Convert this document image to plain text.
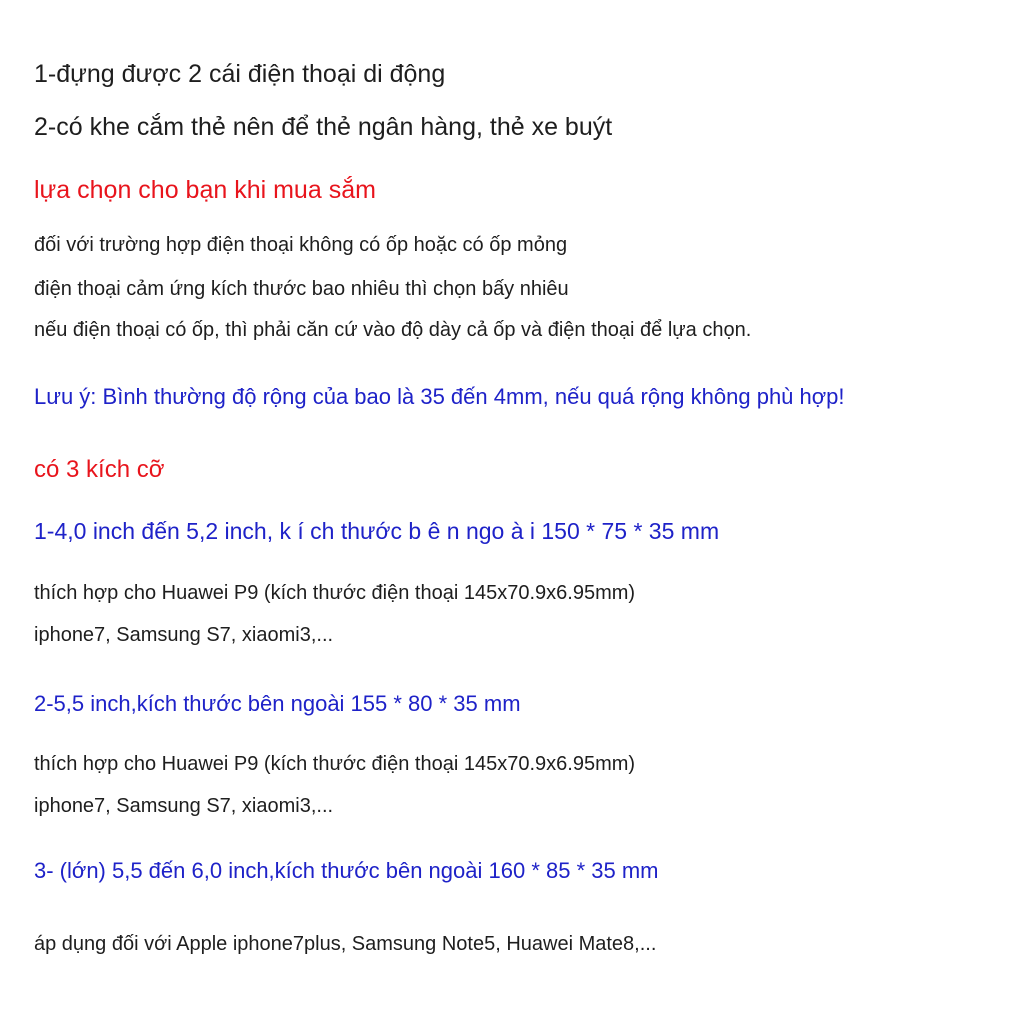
1-đựng được 2 cái điện thoại di động
2-có khe cắm thẻ nên để thẻ ngân hàng, thẻ xe buýt
lựa chọn cho bạn khi mua sắm
đối với trường hợp điện thoại không có ốp hoặc có ốp mỏng
điện thoại cảm ứng kích thước bao nhiêu thì chọn bấy nhiêu
nếu điện thoại có ốp, thì phải căn cứ vào độ dày cả ốp và điện thoại để lựa chọn.
Lưu ý: Bình thường độ rộng của bao là 35 đến 4mm, nếu quá rộng không phù hợp!
có 3 kích cỡ
1-4,0 inch đến 5,2 inch, k í ch thước b ê n ngo à i 150 * 75 * 35 mm
thích hợp cho Huawei P9 (kích thước điện thoại 145x70.9x6.95mm)
iphone7, Samsung S7, xiaomi3,...
2-5,5 inch,kích thước bên ngoài 155 * 80 * 35 mm
thích hợp cho Huawei P9 (kích thước điện thoại 145x70.9x6.95mm)
iphone7, Samsung S7, xiaomi3,...
3- (lớn) 5,5 đến 6,0 inch,kích thước bên ngoài 160 * 85 * 35 mm
áp dụng đối với Apple iphone7plus, Samsung Note5, Huawei Mate8,...
